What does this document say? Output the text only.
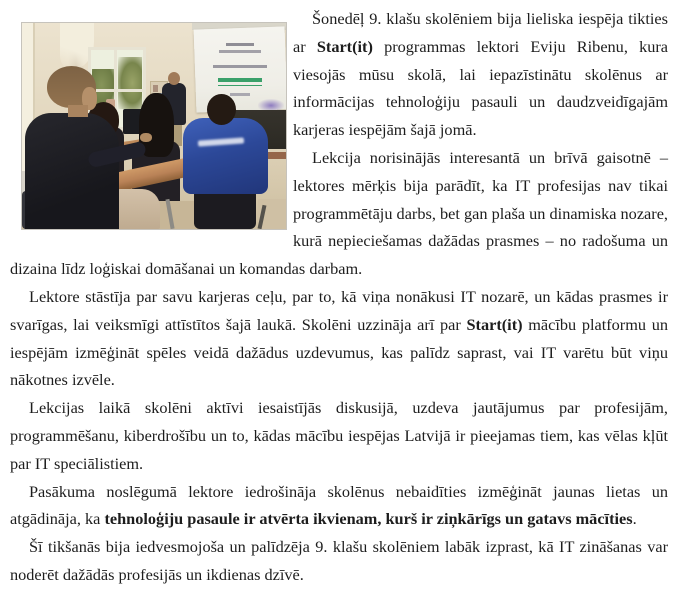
Šonedēļ 9. klašu skolēniem bija lieliska iespēja tikties ar Start(it) programmas lektori Eviju Ribenu, kura viesojās mūsu skolā, lai iepazīstinātu skolēnus ar informācijas tehnoloģiju pasauli un daudzveidīgajām karjeras iespējām šajā jomā.

Lekcija norisinājās interesantā un brīvā gaisotnē – lektores mērķis bija parādīt, ka IT profesijas nav tikai programmētāju darbs, bet gan plaša un dinamiska nozare, kurā nepieciešamas dažādas prasmes – no radošuma un dizaina līdz loģiskai domāšanai un komandas darbam.

Lektore stāstīja par savu karjeras ceļu, par to, kā viņa nonākusi IT nozarē, un kādas prasmes ir svarīgas, lai veiksmīgi attīstītos šajā laukā. Skolēni uzzināja arī par Start(it) mācību platformu un iespējām izmēģināt spēles veidā dažādus uzdevumus, kas palīdz saprast, vai IT varētu būt viņu nākotnes izvēle.

Lekcijas laikā skolēni aktīvi iesaistījās diskusijā, uzdeva jautājumus par profesijām, programmēšanu, kiberdrošību un to, kādas mācību iespējas Latvijā ir pieejamas tiem, kas vēlas kļūt par IT speciālistiem.

Pasākuma noslēgumā lektore iedrošināja skolēnus nebaidīties izmēģināt jaunas lietas un atgādināja, ka tehnoloģiju pasaule ir atvērta ikvienam, kurš ir ziņkārīgs un gatavs mācīties.

Šī tikšanās bija iedvesmojoša un palīdzēja 9. klašu skolēniem labāk izprast, kā IT zināšanas var noderēt dažādās profesijās un ikdienas dzīvē.
